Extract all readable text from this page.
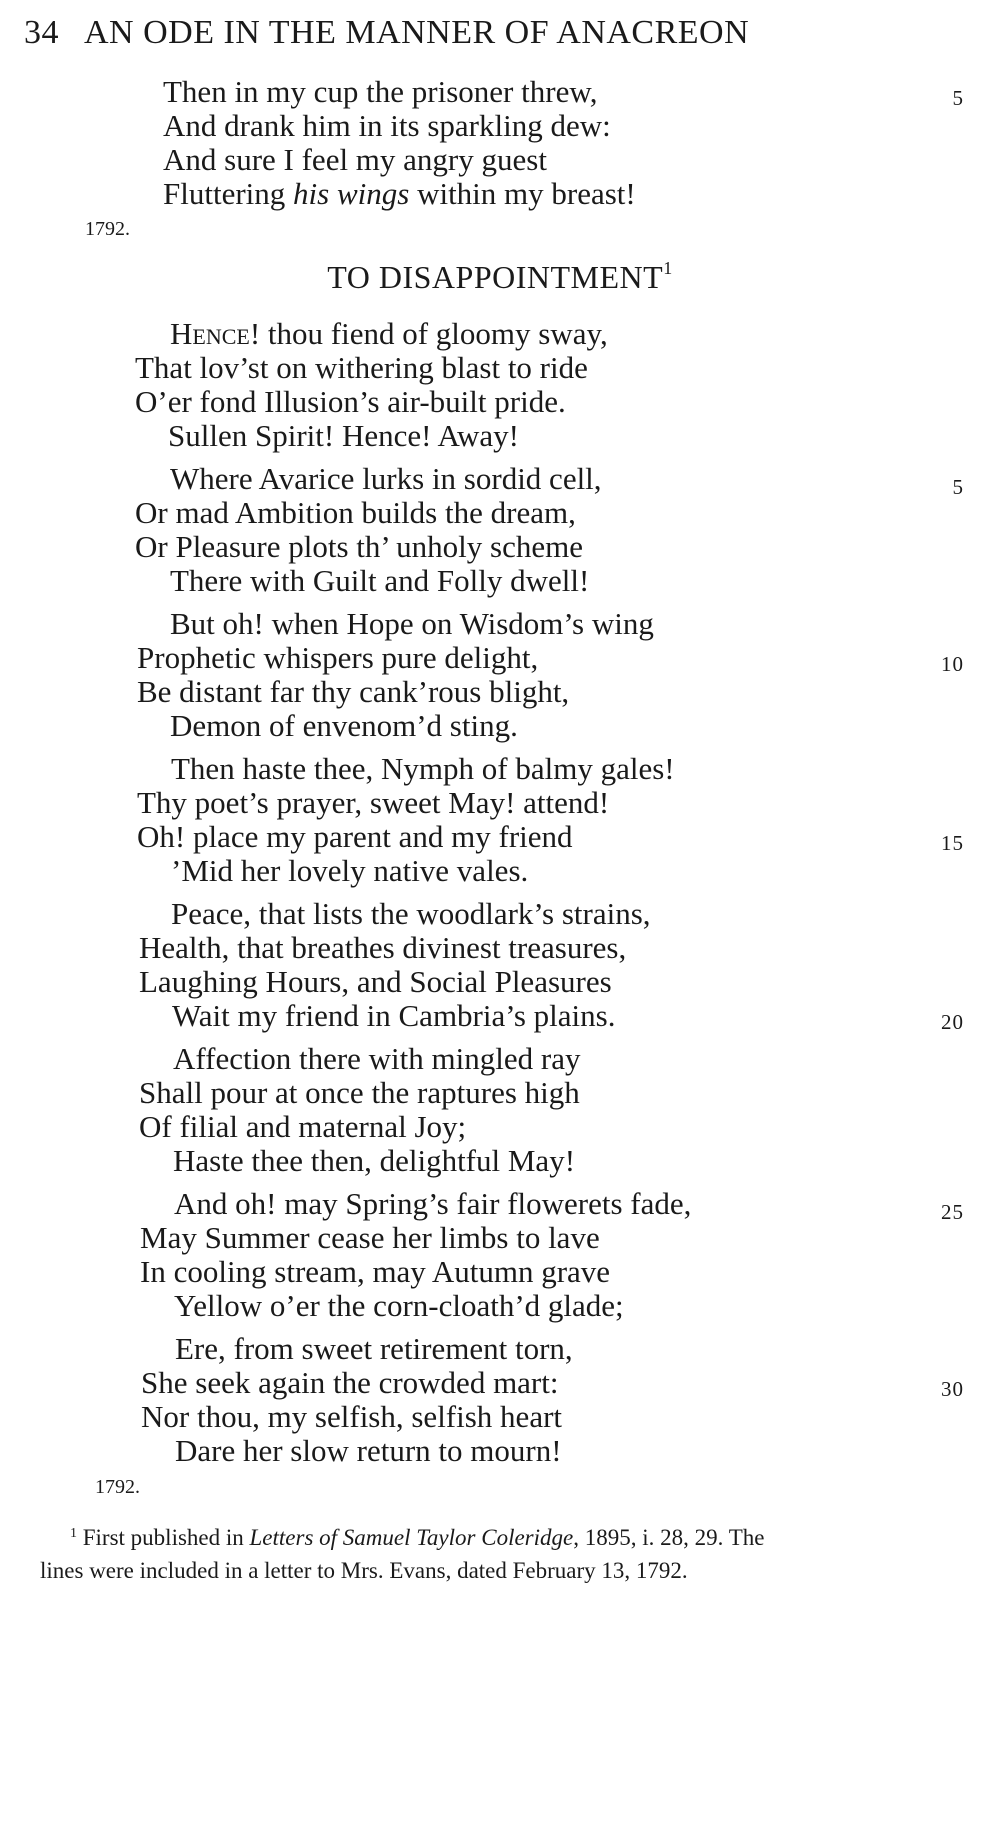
34 AN ODE IN THE MANNER OF ANACREON
Then in my cup the prisoner threw,	5
And drank him in its sparkling dew:
And sure I feel my angry guest
Fluttering his wings within my breast!
1792.
TO DISAPPOINTMENT$^1$
Hence! thou fiend of gloomy sway,
That lov’st on withering blast to ride
O’er fond Illusion’s air-built pride.
Sullen Spirit! Hence! Away!
Where Avarice lurks in sordid cell,	5
Or mad Ambition builds the dream,
Or Pleasure plots th’ unholy scheme
There with Guilt and Folly dwell!
But oh! when Hope on Wisdom’s wing
Prophetic whispers pure delight,	10
Be distant far thy cank’rous blight,
Demon of envenom’d sting.
Then haste thee, Nymph of balmy gales!
Thy poet’s prayer, sweet May! attend!
Oh! place my parent and my friend	15
’Mid her lovely native vales.
Peace, that lists the woodlark’s strains,
Health, that breathes divinest treasures,
Laughing Hours, and Social Pleasures
Wait my friend in Cambria’s plains.	20
Affection there with mingled ray
Shall pour at once the raptures high
Of filial and maternal Joy;
Haste thee then, delightful May!
And oh! may Spring’s fair flowerets fade,	25
May Summer cease her limbs to lave
In cooling stream, may Autumn grave
Yellow o’er the corn-cloath’d glade;
Ere, from sweet retirement torn,
She seek again the crowded mart:	30
Nor thou, my selfish, selfish heart
Dare her slow return to mourn!
1792.
$^1$ First published in Letters of Samuel Taylor Coleridge, 1895, i. 28, 29. The
lines were included in a letter to Mrs. Evans, dated February 13, 1792.
